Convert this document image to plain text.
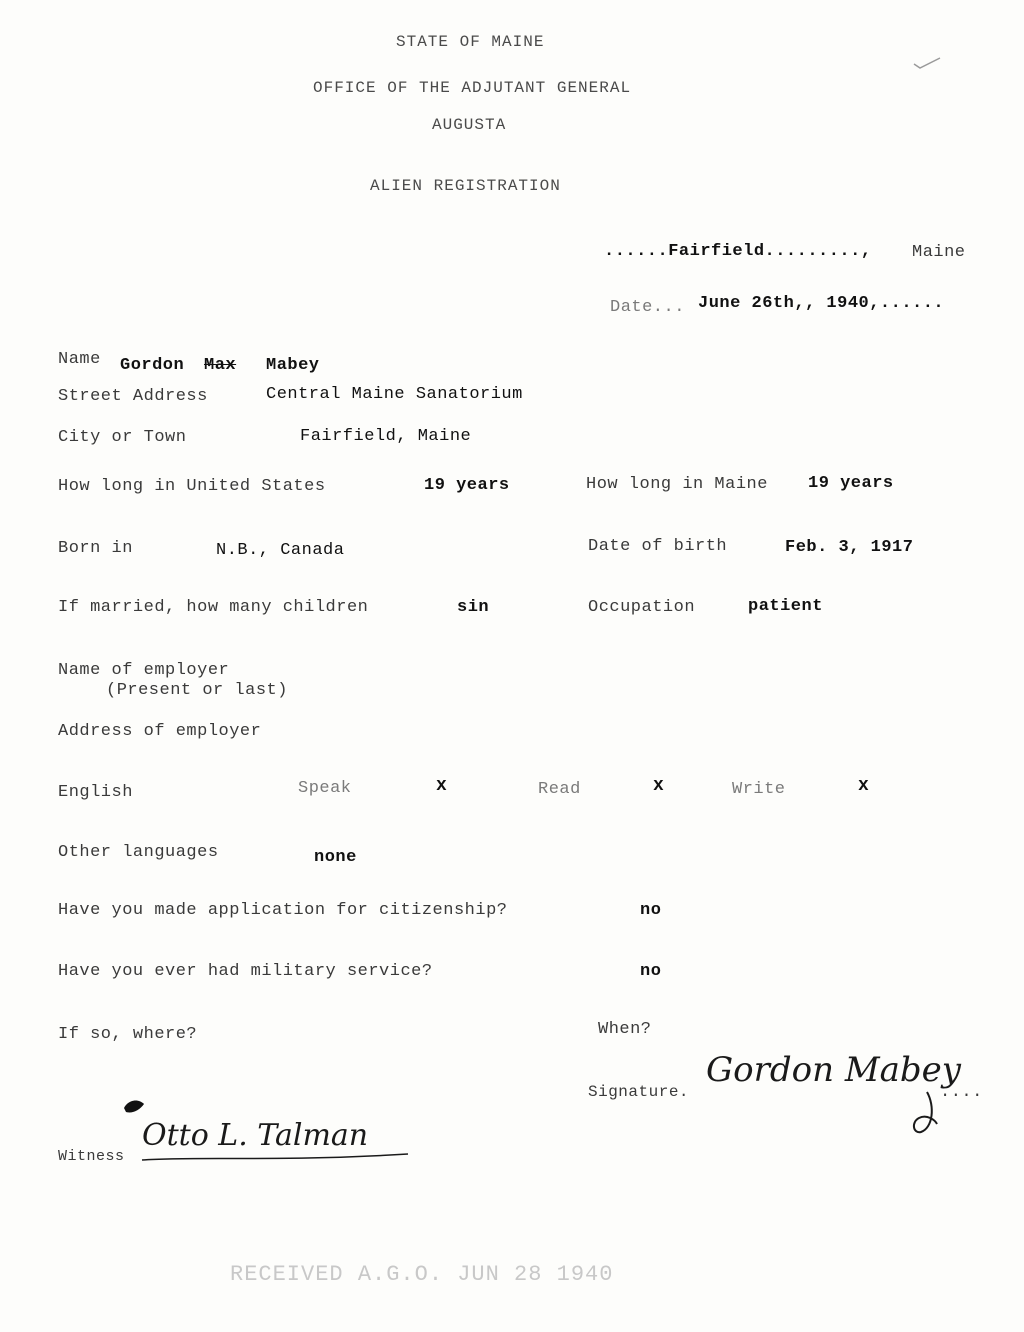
STATE OF MAINE
OFFICE OF THE ADJUTANT GENERAL
AUGUSTA
ALIEN REGISTRATION
......Fairfield........., Maine
Date... June 26th,, 1940,......
Name Gordon Max Mabey
Street Address	Central Maine Sanatorium
City or Town	Fairfield, Maine
How long in United States	19 years	How long in Maine 19 years
Born in	N.B., Canada	Date of birth	Feb. 3, 1917
If married, how many children	sin	Occupation	patient
Name of employer
(Present or last)
Address of employer
English	Speak	x	Read	x	Write	x
Other languages	none
Have you made application for citizenship?	no
Have you ever had military service?	no
If so, where?	When?
Signature.
Gordon Mabey
....
Witness
Otto L. Talman
RECEIVED A.G.O. JUN 28 1940
